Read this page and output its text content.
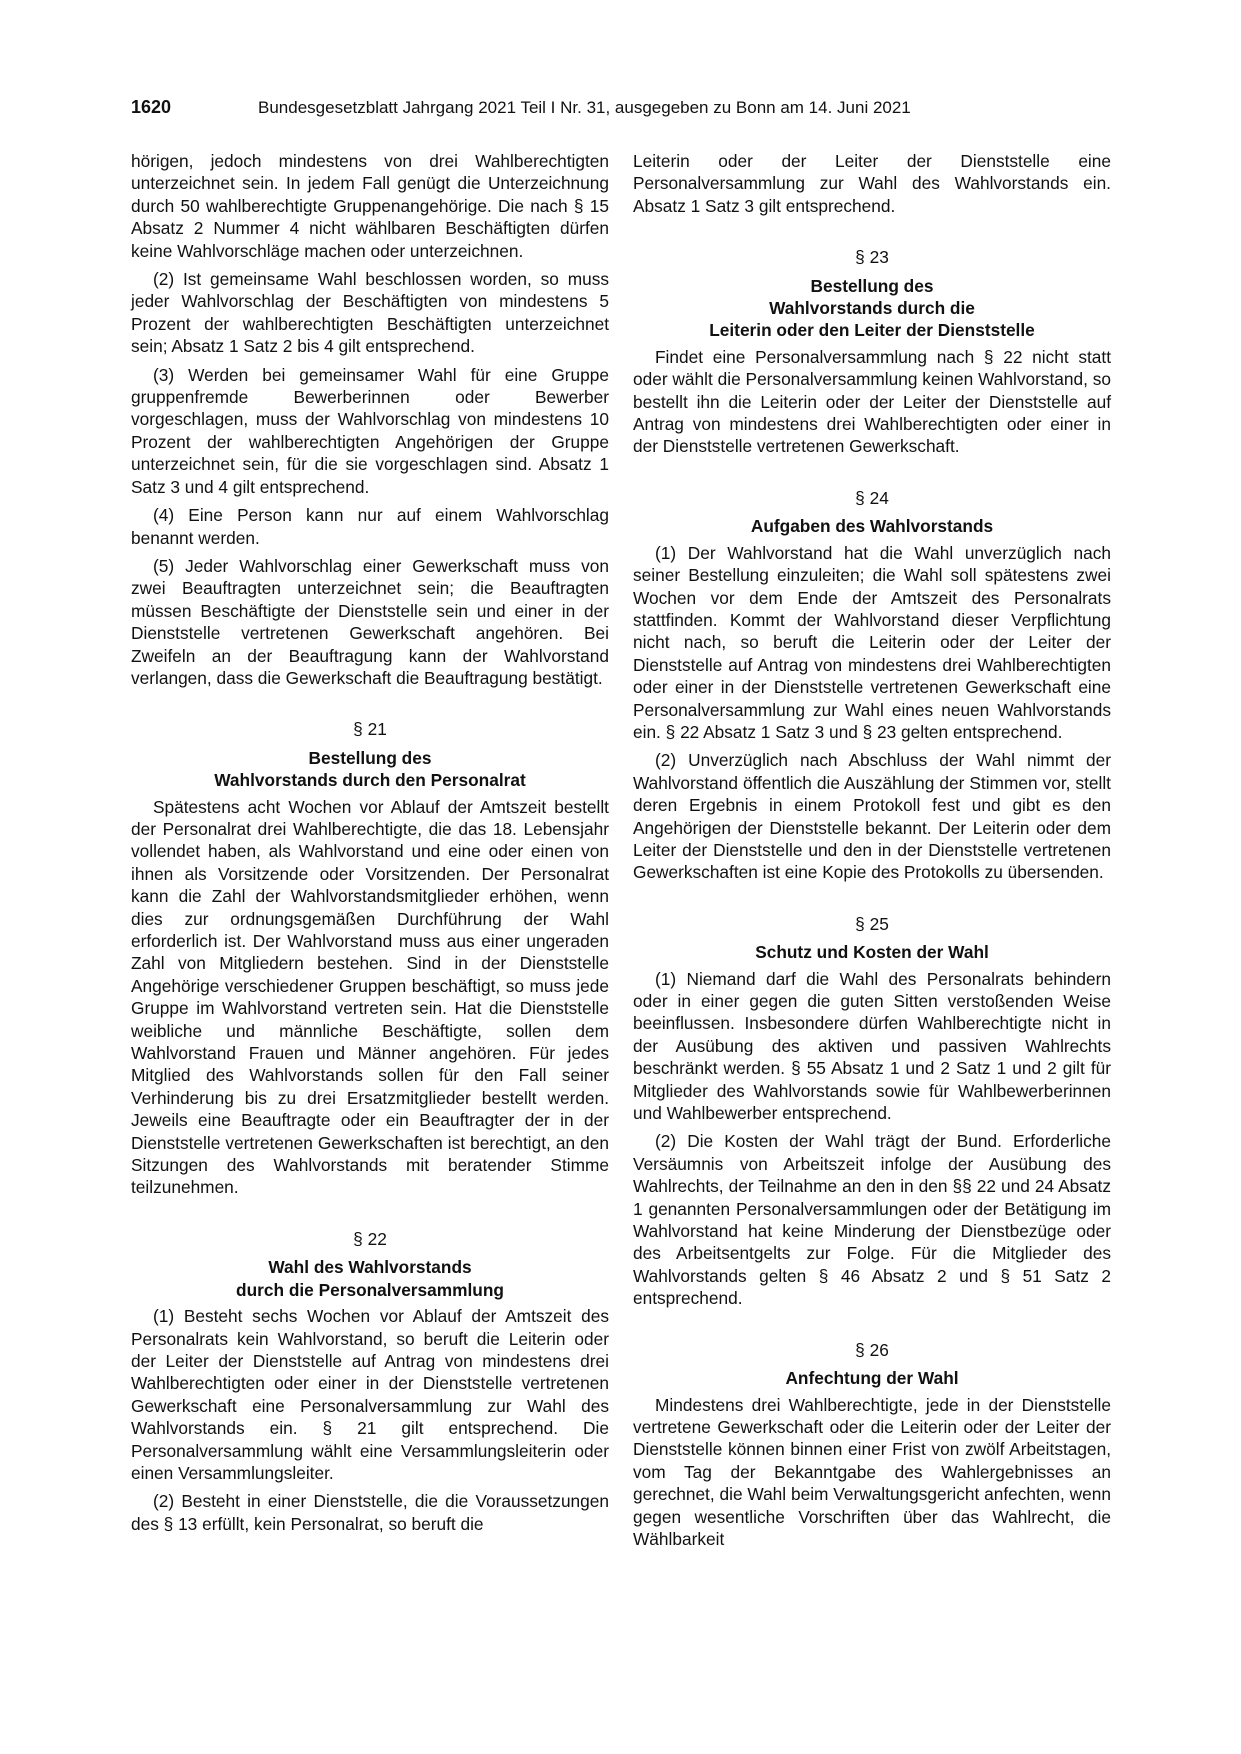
1620	Bundesgesetzblatt Jahrgang 2021 Teil I Nr. 31, ausgegeben zu Bonn am 14. Juni 2021

hörigen, jedoch mindestens von drei Wahlberechtigten unterzeichnet sein. In jedem Fall genügt die Unterzeichnung durch 50 wahlberechtigte Gruppenangehörige. Die nach § 15 Absatz 2 Nummer 4 nicht wählbaren Beschäftigten dürfen keine Wahlvorschläge machen oder unterzeichnen.

(2) Ist gemeinsame Wahl beschlossen worden, so muss jeder Wahlvorschlag der Beschäftigten von mindestens 5 Prozent der wahlberechtigten Beschäftigten unterzeichnet sein; Absatz 1 Satz 2 bis 4 gilt entsprechend.

(3) Werden bei gemeinsamer Wahl für eine Gruppe gruppenfremde Bewerberinnen oder Bewerber vorgeschlagen, muss der Wahlvorschlag von mindestens 10 Prozent der wahlberechtigten Angehörigen der Gruppe unterzeichnet sein, für die sie vorgeschlagen sind. Absatz 1 Satz 3 und 4 gilt entsprechend.

(4) Eine Person kann nur auf einem Wahlvorschlag benannt werden.

(5) Jeder Wahlvorschlag einer Gewerkschaft muss von zwei Beauftragten unterzeichnet sein; die Beauftragten müssen Beschäftigte der Dienststelle sein und einer in der Dienststelle vertretenen Gewerkschaft angehören. Bei Zweifeln an der Beauftragung kann der Wahlvorstand verlangen, dass die Gewerkschaft die Beauftragung bestätigt.

§ 21
Bestellung des
Wahlvorstands durch den Personalrat

Spätestens acht Wochen vor Ablauf der Amtszeit bestellt der Personalrat drei Wahlberechtigte, die das 18. Lebensjahr vollendet haben, als Wahlvorstand und eine oder einen von ihnen als Vorsitzende oder Vorsitzenden. Der Personalrat kann die Zahl der Wahlvorstandsmitglieder erhöhen, wenn dies zur ordnungsgemäßen Durchführung der Wahl erforderlich ist. Der Wahlvorstand muss aus einer ungeraden Zahl von Mitgliedern bestehen. Sind in der Dienststelle Angehörige verschiedener Gruppen beschäftigt, so muss jede Gruppe im Wahlvorstand vertreten sein. Hat die Dienststelle weibliche und männliche Beschäftigte, sollen dem Wahlvorstand Frauen und Männer angehören. Für jedes Mitglied des Wahlvorstands sollen für den Fall seiner Verhinderung bis zu drei Ersatzmitglieder bestellt werden. Jeweils eine Beauftragte oder ein Beauftragter der in der Dienststelle vertretenen Gewerkschaften ist berechtigt, an den Sitzungen des Wahlvorstands mit beratender Stimme teilzunehmen.

§ 22
Wahl des Wahlvorstands
durch die Personalversammlung

(1) Besteht sechs Wochen vor Ablauf der Amtszeit des Personalrats kein Wahlvorstand, so beruft die Leiterin oder der Leiter der Dienststelle auf Antrag von mindestens drei Wahlberechtigten oder einer in der Dienststelle vertretenen Gewerkschaft eine Personalversammlung zur Wahl des Wahlvorstands ein. § 21 gilt entsprechend. Die Personalversammlung wählt eine Versammlungsleiterin oder einen Versammlungsleiter.

(2) Besteht in einer Dienststelle, die die Voraussetzungen des § 13 erfüllt, kein Personalrat, so beruft die

Leiterin oder der Leiter der Dienststelle eine Personalversammlung zur Wahl des Wahlvorstands ein. Absatz 1 Satz 3 gilt entsprechend.

§ 23
Bestellung des
Wahlvorstands durch die
Leiterin oder den Leiter der Dienststelle

Findet eine Personalversammlung nach § 22 nicht statt oder wählt die Personalversammlung keinen Wahlvorstand, so bestellt ihn die Leiterin oder der Leiter der Dienststelle auf Antrag von mindestens drei Wahlberechtigten oder einer in der Dienststelle vertretenen Gewerkschaft.

§ 24
Aufgaben des Wahlvorstands

(1) Der Wahlvorstand hat die Wahl unverzüglich nach seiner Bestellung einzuleiten; die Wahl soll spätestens zwei Wochen vor dem Ende der Amtszeit des Personalrats stattfinden. Kommt der Wahlvorstand dieser Verpflichtung nicht nach, so beruft die Leiterin oder der Leiter der Dienststelle auf Antrag von mindestens drei Wahlberechtigten oder einer in der Dienststelle vertretenen Gewerkschaft eine Personalversammlung zur Wahl eines neuen Wahlvorstands ein. § 22 Absatz 1 Satz 3 und § 23 gelten entsprechend.

(2) Unverzüglich nach Abschluss der Wahl nimmt der Wahlvorstand öffentlich die Auszählung der Stimmen vor, stellt deren Ergebnis in einem Protokoll fest und gibt es den Angehörigen der Dienststelle bekannt. Der Leiterin oder dem Leiter der Dienststelle und den in der Dienststelle vertretenen Gewerkschaften ist eine Kopie des Protokolls zu übersenden.

§ 25
Schutz und Kosten der Wahl

(1) Niemand darf die Wahl des Personalrats behindern oder in einer gegen die guten Sitten verstoßenden Weise beeinflussen. Insbesondere dürfen Wahlberechtigte nicht in der Ausübung des aktiven und passiven Wahlrechts beschränkt werden. § 55 Absatz 1 und 2 Satz 1 und 2 gilt für Mitglieder des Wahlvorstands sowie für Wahlbewerberinnen und Wahlbewerber entsprechend.

(2) Die Kosten der Wahl trägt der Bund. Erforderliche Versäumnis von Arbeitszeit infolge der Ausübung des Wahlrechts, der Teilnahme an den in den §§ 22 und 24 Absatz 1 genannten Personalversammlungen oder der Betätigung im Wahlvorstand hat keine Minderung der Dienstbezüge oder des Arbeitsentgelts zur Folge. Für die Mitglieder des Wahlvorstands gelten § 46 Absatz 2 und § 51 Satz 2 entsprechend.

§ 26
Anfechtung der Wahl

Mindestens drei Wahlberechtigte, jede in der Dienststelle vertretene Gewerkschaft oder die Leiterin oder der Leiter der Dienststelle können binnen einer Frist von zwölf Arbeitstagen, vom Tag der Bekanntgabe des Wahlergebnisses an gerechnet, die Wahl beim Verwaltungsgericht anfechten, wenn gegen wesentliche Vorschriften über das Wahlrecht, die Wählbarkeit
